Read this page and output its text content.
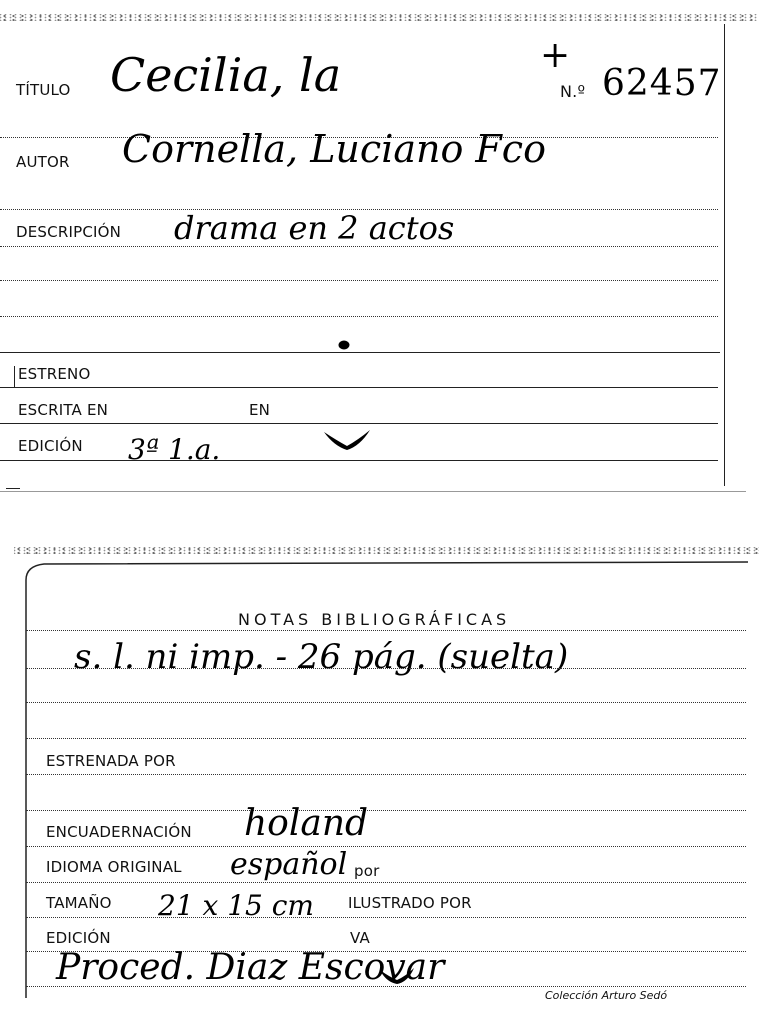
TÍTULO Cecilia, la	+
N.º 62457
AUTOR Cornella, Luciano Fco
DESCRIPCIÓN drama en 2 actos
ESTRENO
ESCRITA EN	EN
EDICIÓN 3ª 1.a.
NOTAS BIBLIOGRÁFICAS
s. l. ni imp. - 26 pág. (suelta)
ESTRENADA POR
ENCUADERNACIÓN holand
IDIOMA ORIGINAL español por
TAMAÑO 21 x 15 cm ILUSTRADO POR
EDICIÓN	VA
Proced. Diaz Escovar
Colección Arturo Sedó
